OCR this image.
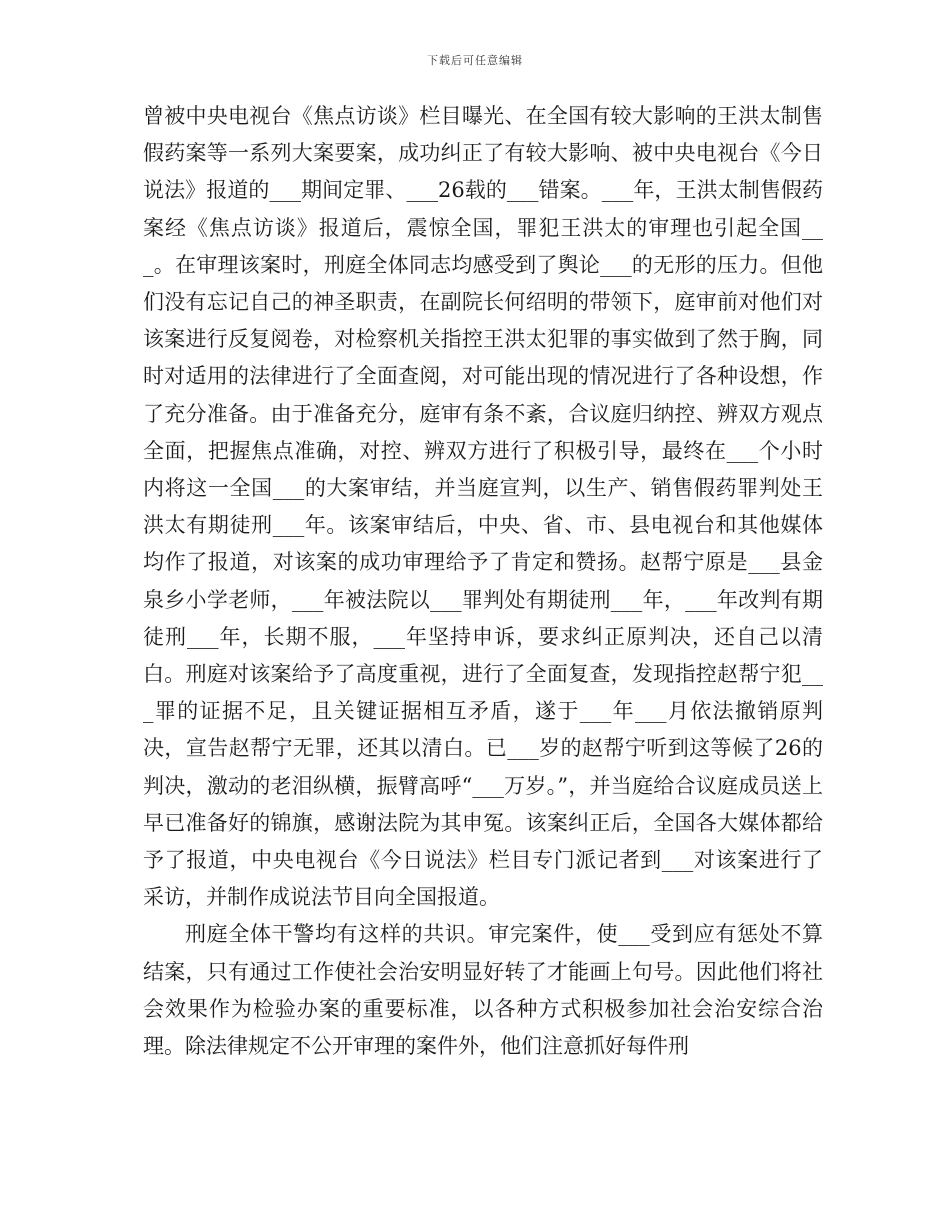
下载后可任意编辑

曾被中央电视台《焦点访谈》栏目曝光、在全国有较大影响的王洪太制售假药案等一系列大案要案，成功纠正了有较大影响、被中央电视台《今日说法》报道的___期间定罪、___26载的___错案。___年，王洪太制售假药案经《焦点访谈》报道后，震惊全国，罪犯王洪太的审理也引起全国___。在审理该案时，刑庭全体同志均感受到了舆论___的无形的压力。但他们没有忘记自己的神圣职责，在副院长何绍明的带领下，庭审前对他们对该案进行反复阅卷，对检察机关指控王洪太犯罪的事实做到了然于胸，同时对适用的法律进行了全面查阅，对可能出现的情况进行了各种设想，作了充分准备。由于准备充分，庭审有条不紊，合议庭归纳控、辨双方观点全面，把握焦点准确，对控、辨双方进行了积极引导，最终在___个小时内将这一全国___的大案审结，并当庭宣判，以生产、销售假药罪判处王洪太有期徒刑___年。该案审结后，中央、省、市、县电视台和其他媒体均作了报道，对该案的成功审理给予了肯定和赞扬。赵帮宁原是___县金泉乡小学老师，___年被法院以___罪判处有期徒刑___年，___年改判有期徒刑___年，长期不服，___年坚持申诉，要求纠正原判决，还自己以清白。刑庭对该案给予了高度重视，进行了全面复查，发现指控赵帮宁犯___罪的证据不足，且关键证据相互矛盾，遂于___年___月依法撤销原判决，宣告赵帮宁无罪，还其以清白。已___岁的赵帮宁听到这等候了26的判决，激动的老泪纵横，振臂高呼“___万岁。”，并当庭给合议庭成员送上早已准备好的锦旗，感谢法院为其申冤。该案纠正后，全国各大媒体都给予了报道，中央电视台《今日说法》栏目专门派记者到___对该案进行了采访，并制作成说法节目向全国报道。

刑庭全体干警均有这样的共识。审完案件，使___受到应有惩处不算结案，只有通过工作使社会治安明显好转了才能画上句号。因此他们将社会效果作为检验办案的重要标准，以各种方式积极参加社会治安综合治理。除法律规定不公开审理的案件外，他们注意抓好每件刑
